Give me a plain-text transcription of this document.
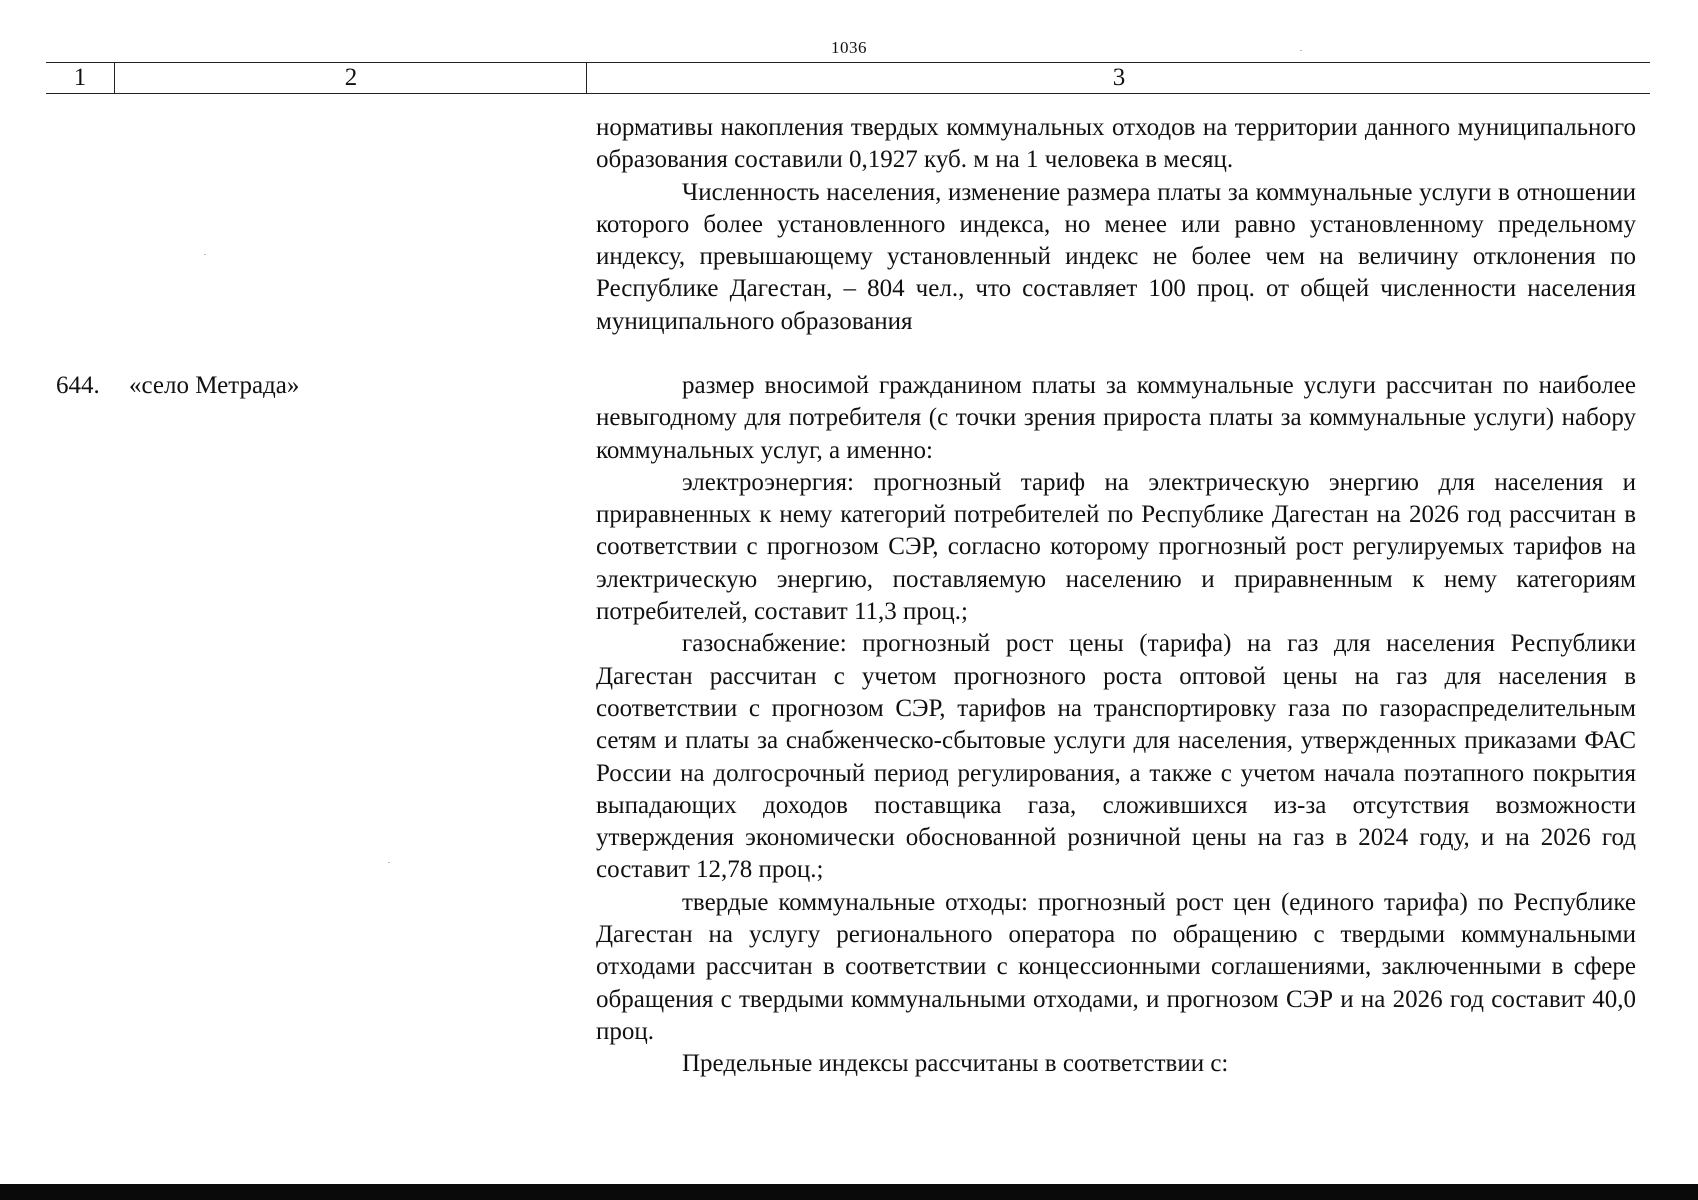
1036
1	2	3

нормативы накопления твердых коммунальных отходов на территории данного муниципального образования составили 0,1927 куб. м на 1 человека в месяц.

Численность населения, изменение размера платы за коммунальные услуги в отношении которого более установленного индекса, но менее или равно установленному предельному индексу, превышающему установленный индекс не более чем на величину отклонения по Республике Дагестан, – 804 чел., что составляет 100 проц. от общей численности населения муниципального образования

644. «село Метрада»	размер вносимой гражданином платы за коммунальные услуги рассчитан по наиболее невыгодному для потребителя (с точки зрения прироста платы за коммунальные услуги) набору коммунальных услуг, а именно:

электроэнергия: прогнозный тариф на электрическую энергию для населения и приравненных к нему категорий потребителей по Республике Дагестан на 2026 год рассчитан в соответствии с прогнозом СЭР, согласно которому прогнозный рост регулируемых тарифов на электрическую энергию, поставляемую населению и приравненным к нему категориям потребителей, составит 11,3 проц.;

газоснабжение: прогнозный рост цены (тарифа) на газ для населения Республики Дагестан рассчитан с учетом прогнозного роста оптовой цены на газ для населения в соответствии с прогнозом СЭР, тарифов на транспортировку газа по газораспределительным сетям и платы за снабженческо-сбытовые услуги для населения, утвержденных приказами ФАС России на долгосрочный период регулирования, а также с учетом начала поэтапного покрытия выпадающих доходов поставщика газа, сложившихся из-за отсутствия возможности утверждения экономически обоснованной розничной цены на газ в 2024 году, и на 2026 год составит 12,78 проц.;

твердые коммунальные отходы: прогнозный рост цен (единого тарифа) по Республике Дагестан на услугу регионального оператора по обращению с твердыми коммунальными отходами рассчитан в соответствии с концессионными соглашениями, заключенными в сфере обращения с твердыми коммунальными отходами, и прогнозом СЭР и на 2026 год составит 40,0 проц.

Предельные индексы рассчитаны в соответствии с:
